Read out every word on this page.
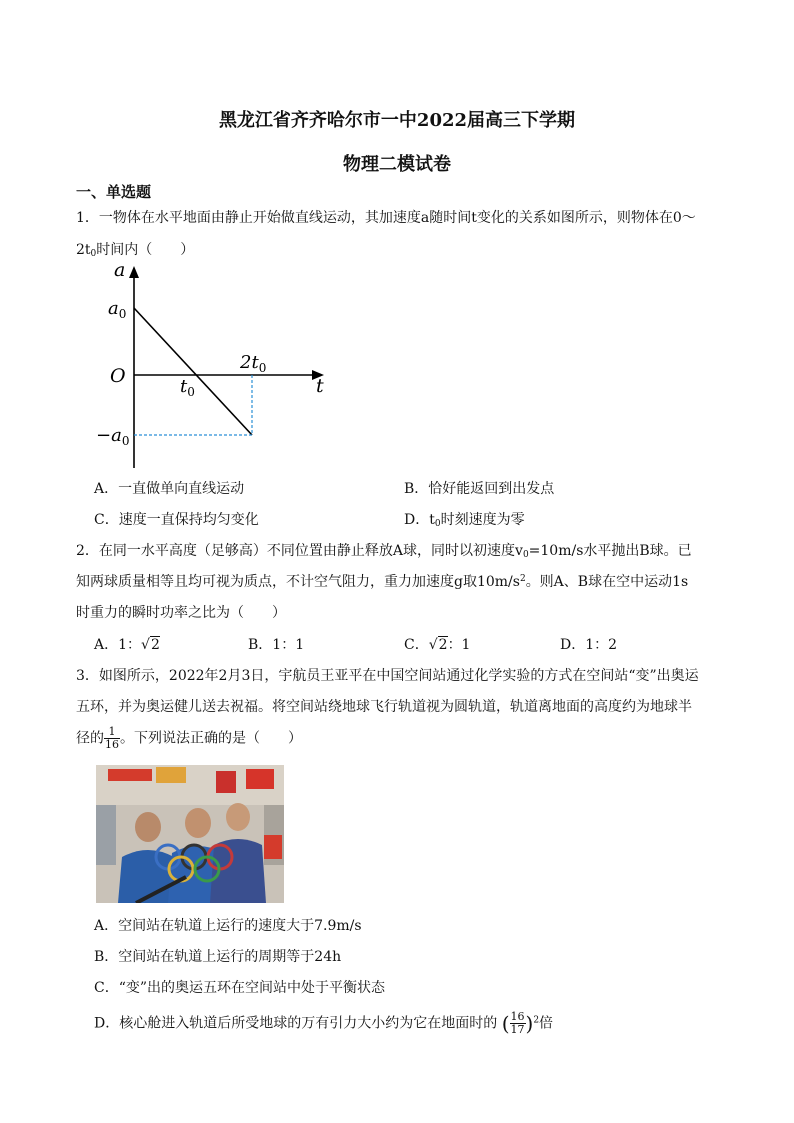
黑龙江省齐齐哈尔市一中2022届高三下学期
物理二模试卷
一、单选题
1．一物体在水平地面由静止开始做直线运动，其加速度a随时间t变化的关系如图所示，则物体在0～
$2t_0$时间内（　　）
a
t
O
$a_0$
$-a_0$
$t_0$
$2t_0$
A．一直做单向直线运动	B．恰好能返回到出发点
C．速度一直保持均匀变化	D．$t_0$时刻速度为零
2．在同一水平高度（足够高）不同位置由静止释放A球，同时以初速度$v_0=10m/s$水平抛出B球。已
知两球质量相等且均可视为质点，不计空气阻力，重力加速度g取$10m/s^2$。则A、B球在空中运动1s
时重力的瞬时功率之比为（　　）
A．1：√2	B．1：1	C．√2：1	D．1：2
3．如图所示，2022年2月3日，宇航员王亚平在中国空间站通过化学实验的方式在空间站“变”出奥运
五环，并为奥运健儿送去祝福。将空间站绕地球飞行轨道视为圆轨道，轨道离地面的高度约为地球半
径的 $\frac{1}{16}$ 。下列说法正确的是（　　）
A．空间站在轨道上运行的速度大于7.9m/s
B．空间站在轨道上运行的周期等于24h
C．“变”出的奥运五环在空间站中处于平衡状态
D．核心舱进入轨道后所受地球的万有引力大小约为它在地面时的 ( $\frac{16}{17} )^2$倍
